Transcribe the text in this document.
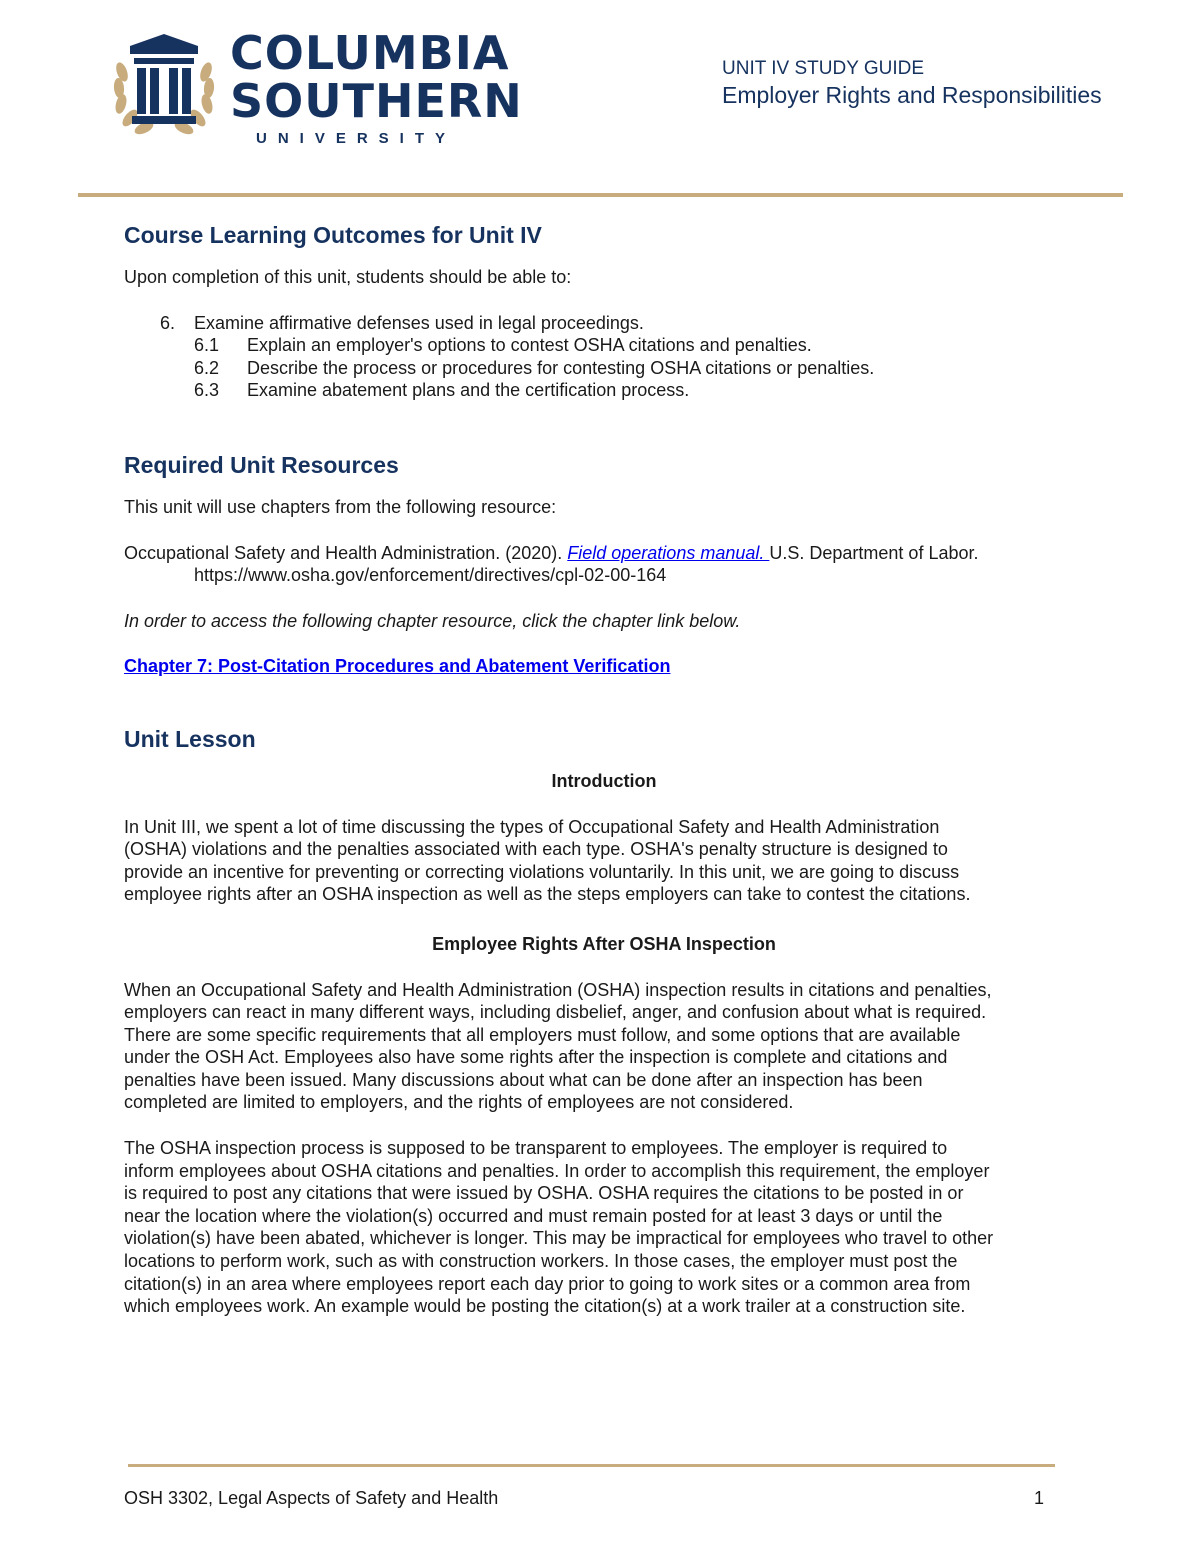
COLUMBIA
SOUTHERN
UNIVERSITY
UNIT IV STUDY GUIDE
Employer Rights and Responsibilities
Course Learning Outcomes for Unit IV

Upon completion of this unit, students should be able to:

6.	Examine affirmative defenses used in legal proceedings.
6.1	Explain an employer's options to contest OSHA citations and penalties.
6.2	Describe the process or procedures for contesting OSHA citations or penalties.
6.3	Examine abatement plans and the certification process.
Required Unit Resources

This unit will use chapters from the following resource:

Occupational Safety and Health Administration. (2020). Field operations manual. U.S. Department of Labor.

https://www.osha.gov/enforcement/directives/cpl-02-00-164

In order to access the following chapter resource, click the chapter link below.

Chapter 7: Post-Citation Procedures and Abatement Verification

Unit Lesson

Introduction

In Unit III, we spent a lot of time discussing the types of Occupational Safety and Health Administration

(OSHA) violations and the penalties associated with each type. OSHA's penalty structure is designed to

provide an incentive for preventing or correcting violations voluntarily. In this unit, we are going to discuss

employee rights after an OSHA inspection as well as the steps employers can take to contest the citations.

Employee Rights After OSHA Inspection

When an Occupational Safety and Health Administration (OSHA) inspection results in citations and penalties,

employers can react in many different ways, including disbelief, anger, and confusion about what is required.

There are some specific requirements that all employers must follow, and some options that are available

under the OSH Act. Employees also have some rights after the inspection is complete and citations and

penalties have been issued. Many discussions about what can be done after an inspection has been

completed are limited to employers, and the rights of employees are not considered.

The OSHA inspection process is supposed to be transparent to employees. The employer is required to

inform employees about OSHA citations and penalties. In order to accomplish this requirement, the employer

is required to post any citations that were issued by OSHA. OSHA requires the citations to be posted in or

near the location where the violation(s) occurred and must remain posted for at least 3 days or until the

violation(s) have been abated, whichever is longer. This may be impractical for employees who travel to other

locations to perform work, such as with construction workers. In those cases, the employer must post the

citation(s) in an area where employees report each day prior to going to work sites or a common area from

which employees work. An example would be posting the citation(s) at a work trailer at a construction site.

OSH 3302, Legal Aspects of Safety and Health	1
